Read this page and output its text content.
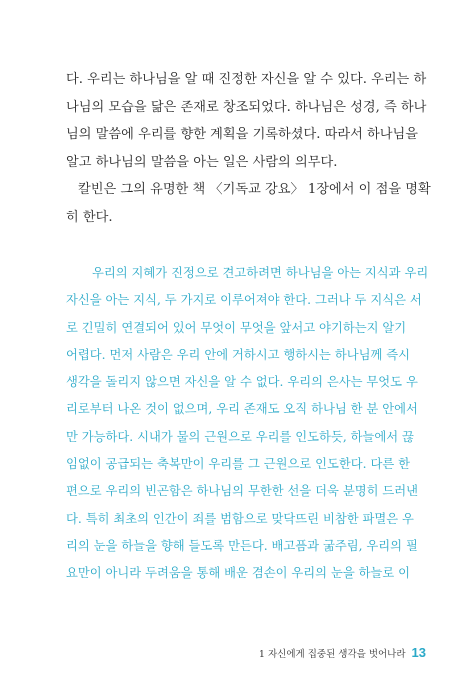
다. 우리는 하나님을 알 때 진정한 자신을 알 수 있다. 우리는 하
나님의 모습을 닮은 존재로 창조되었다. 하나님은 성경, 즉 하나
님의 말씀에 우리를 향한 계획을 기록하셨다. 따라서 하나님을
알고 하나님의 말씀을 아는 일은 사람의 의무다.
칼빈은 그의 유명한 책 〈기독교 강요〉 1장에서 이 점을 명확
히 한다.
우리의 지혜가 진정으로 견고하려면 하나님을 아는 지식과 우리
자신을 아는 지식, 두 가지로 이루어져야 한다. 그러나 두 지식은 서
로 긴밀히 연결되어 있어 무엇이 무엇을 앞서고 야기하는지 알기
어렵다. 먼저 사람은 우리 안에 거하시고 행하시는 하나님께 즉시
생각을 돌리지 않으면 자신을 알 수 없다. 우리의 은사는 무엇도 우
리로부터 나온 것이 없으며, 우리 존재도 오직 하나님 한 분 안에서
만 가능하다. 시내가 물의 근원으로 우리를 인도하듯, 하늘에서 끊
임없이 공급되는 축복만이 우리를 그 근원으로 인도한다. 다른 한
편으로 우리의 빈곤함은 하나님의 무한한 선을 더욱 분명히 드러낸
다. 특히 최초의 인간이 죄를 범함으로 맞닥뜨린 비참한 파멸은 우
리의 눈을 하늘을 향해 들도록 만든다. 배고픔과 굶주림, 우리의 필
요만이 아니라 두려움을 통해 배운 겸손이 우리의 눈을 하늘로 이
1 자신에게 집중된 생각을 벗어나라 13
